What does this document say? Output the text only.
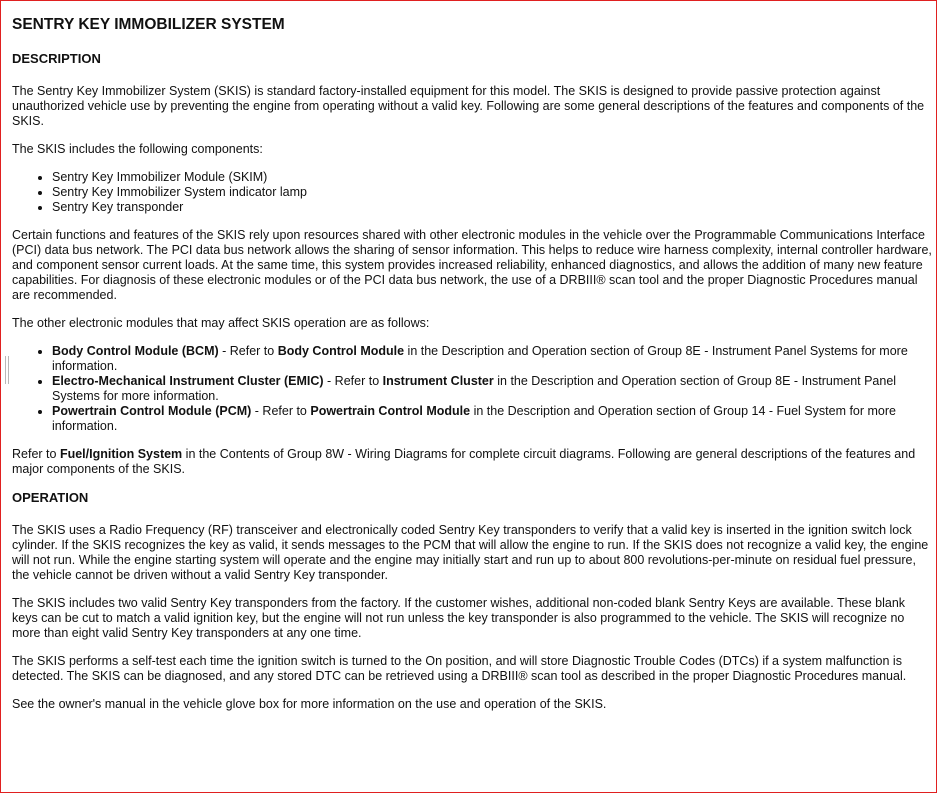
SENTRY KEY IMMOBILIZER SYSTEM
DESCRIPTION

The Sentry Key Immobilizer System (SKIS) is standard factory-installed equipment for this model. The SKIS is designed to provide passive protection against unauthorized vehicle use by preventing the engine from operating without a valid key. Following are some general descriptions of the features and components of the SKIS.

The SKIS includes the following components:

• Sentry Key Immobilizer Module (SKIM)
• Sentry Key Immobilizer System indicator lamp
• Sentry Key transponder

Certain functions and features of the SKIS rely upon resources shared with other electronic modules in the vehicle over the Programmable Communications Interface (PCI) data bus network. The PCI data bus network allows the sharing of sensor information. This helps to reduce wire harness complexity, internal controller hardware, and component sensor current loads. At the same time, this system provides increased reliability, enhanced diagnostics, and allows the addition of many new feature capabilities. For diagnosis of these electronic modules or of the PCI data bus network, the use of a DRBIII® scan tool and the proper Diagnostic Procedures manual are recommended.

The other electronic modules that may affect SKIS operation are as follows:

• Body Control Module (BCM) - Refer to Body Control Module in the Description and Operation section of Group 8E - Instrument Panel Systems for more information.
• Electro-Mechanical Instrument Cluster (EMIC) - Refer to Instrument Cluster in the Description and Operation section of Group 8E - Instrument Panel Systems for more information.
• Powertrain Control Module (PCM) - Refer to Powertrain Control Module in the Description and Operation section of Group 14 - Fuel System for more information.

Refer to Fuel/Ignition System in the Contents of Group 8W - Wiring Diagrams for complete circuit diagrams. Following are general descriptions of the features and major components of the SKIS.

OPERATION

The SKIS uses a Radio Frequency (RF) transceiver and electronically coded Sentry Key transponders to verify that a valid key is inserted in the ignition switch lock cylinder. If the SKIS recognizes the key as valid, it sends messages to the PCM that will allow the engine to run. If the SKIS does not recognize a valid key, the engine will not run. While the engine starting system will operate and the engine may initially start and run up to about 800 revolutions-per-minute on residual fuel pressure, the vehicle cannot be driven without a valid Sentry Key transponder.

The SKIS includes two valid Sentry Key transponders from the factory. If the customer wishes, additional non-coded blank Sentry Keys are available. These blank keys can be cut to match a valid ignition key, but the engine will not run unless the key transponder is also programmed to the vehicle. The SKIS will recognize no more than eight valid Sentry Key transponders at any one time.

The SKIS performs a self-test each time the ignition switch is turned to the On position, and will store Diagnostic Trouble Codes (DTCs) if a system malfunction is detected. The SKIS can be diagnosed, and any stored DTC can be retrieved using a DRBIII® scan tool as described in the proper Diagnostic Procedures manual.

See the owner's manual in the vehicle glove box for more information on the use and operation of the SKIS.
